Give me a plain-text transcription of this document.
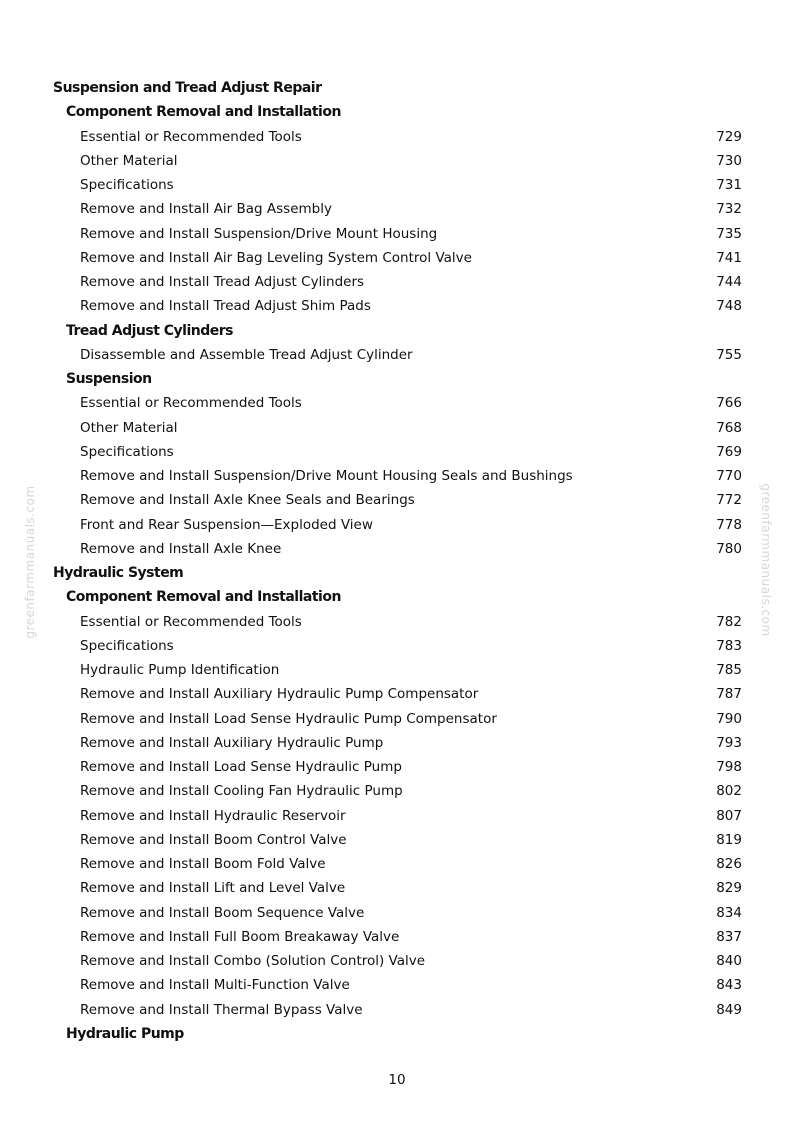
greenfarmmanuals.com	greenfarmmanuals.com
Suspension and Tread Adjust Repair
Component Removal and Installation
Essential or Recommended Tools	729
Other Material	730
Specifications	731
Remove and Install Air Bag Assembly	732
Remove and Install Suspension/Drive Mount Housing	735
Remove and Install Air Bag Leveling System Control Valve	741
Remove and Install Tread Adjust Cylinders	744
Remove and Install Tread Adjust Shim Pads	748
Tread Adjust Cylinders
Disassemble and Assemble Tread Adjust Cylinder	755
Suspension
Essential or Recommended Tools	766
Other Material	768
Specifications	769
Remove and Install Suspension/Drive Mount Housing Seals and Bushings	770
Remove and Install Axle Knee Seals and Bearings	772
Front and Rear Suspension—Exploded View	778
Remove and Install Axle Knee	780
Hydraulic System
Component Removal and Installation
Essential or Recommended Tools	782
Specifications	783
Hydraulic Pump Identification	785
Remove and Install Auxiliary Hydraulic Pump Compensator	787
Remove and Install Load Sense Hydraulic Pump Compensator	790
Remove and Install Auxiliary Hydraulic Pump	793
Remove and Install Load Sense Hydraulic Pump	798
Remove and Install Cooling Fan Hydraulic Pump	802
Remove and Install Hydraulic Reservoir	807
Remove and Install Boom Control Valve	819
Remove and Install Boom Fold Valve	826
Remove and Install Lift and Level Valve	829
Remove and Install Boom Sequence Valve	834
Remove and Install Full Boom Breakaway Valve	837
Remove and Install Combo (Solution Control) Valve	840
Remove and Install Multi-Function Valve	843
Remove and Install Thermal Bypass Valve	849
Hydraulic Pump
10
